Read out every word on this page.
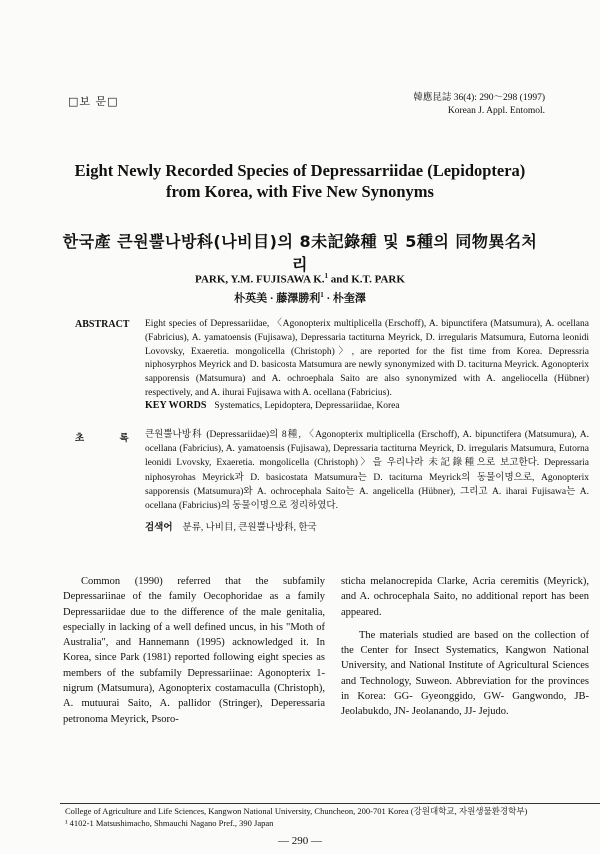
□보 문□	韓應昆誌 36(4): 290～298 (1997)
Korean J. Appl. Entomol.
Eight Newly Recorded Species of Depressarriidae (Lepidoptera)
from Korea, with Five New Synonyms
한국產 큰원뿔나방科(나비目)의 8未記錄種 및 5種의 同物異名처리
PARK, Y.M. FUJISAWA K.$^1$ and K.T. PARK
朴英美 · 藤澤勝利$^1$ · 朴奎澤
ABSTRACT Eight species of Depressariidae, 〈Agonopterix multiplicella (Erschoff), A. bipunctifera (Matsumura), A. ocellana (Fabricius), A. yamatoensis (Fujisawa), Depressaria tactiturna Meyrick, D. irregularis Matsumura, Eutorna leonidi Lovovsky, Exaeretia. mongolicella (Christoph)〉, are reported for the fist time from Korea. Depressria niphosyrphos Meyrick and D. basicosta Matsumura are newly synonymized with D. taciturna Meyrick. Agonopterix sapporensis (Matsumura) and A. ochroephala Saito are also synonymized with A. angeliocella (Hübner) respectively, and A. ihurai Fujisawa with A. ocellana (Fabricius).
KEY WORDS Systematics, Lepidoptera, Depressariidae, Korea
초 록 큰원뿔나방科 (Depressariidae)의 8種, 〈Agonopterix multiplicella (Erschoff), A. bipunctifera (Matsumura), A. ocellana (Fabricius), A. yamatoensis (Fujisawa), Depressaria tactiturna Meyrick, D. irregularis Matsumura, Eutorna leonidi Lvovsky, Exaeretia. mongolicella (Christoph)〉을 우리나라 未記錄種으로 보고한다. Depressaria niphosyrohas Meyrick과 D. basicostata Matsumura는 D. taciturna Meyrick의 동물이명으로, Agonopterix sapporensis (Matsumura)와 A. ochrocephala Saito는 A. angelicella (Hübner), 그리고 A. iharai Fujisawa는 A. ocellana (Fabricius)의 동물이명으로 정리하였다.
검색어 분류, 나비目, 큰원뿔나방科, 한국

Common (1990) referred that the subfamily Depressariinae of the family Oecophoridae as a family Depressariidae due to the difference of the male genitalia, especially in lacking of a well defined uncus, in his "Moth of Australia", and Hannemann (1995) acknowledged it. In Korea, since Park (1981) reported following eight species as members of the subfamily Depressariinae: Agonopterix 1-nigrum (Matsumura), Agonopterix costamaculla (Christoph), A. mutuurai Saito, A. pallidor (Stringer), Deperessaria petronoma Meyrick, Psoro-

sticha melanocrepida Clarke, Acria ceremitis (Meyrick), and A. ochrocephala Saito, no additional report has been appeared.

The materials studied are based on the collection of the Center for Insect Systematics, Kangwon National University, and National Institute of Agricultural Sciences and Technology, Suweon. Abbreviation for the provinces in Korea: GG- Gyeonggido, GW- Gangwondo, JB- Jeolabukdo, JN- Jeolanando, JJ- Jejudo.

College of Agriculture and Life Sciences, Kangwon National University, Chuncheon, 200-701 Korea (강원대학교, 자원생물환경학부)
¹ 4102-1 Matsushimacho, Shmauchi Nagano Pref., 390 Japan
— 290 —
